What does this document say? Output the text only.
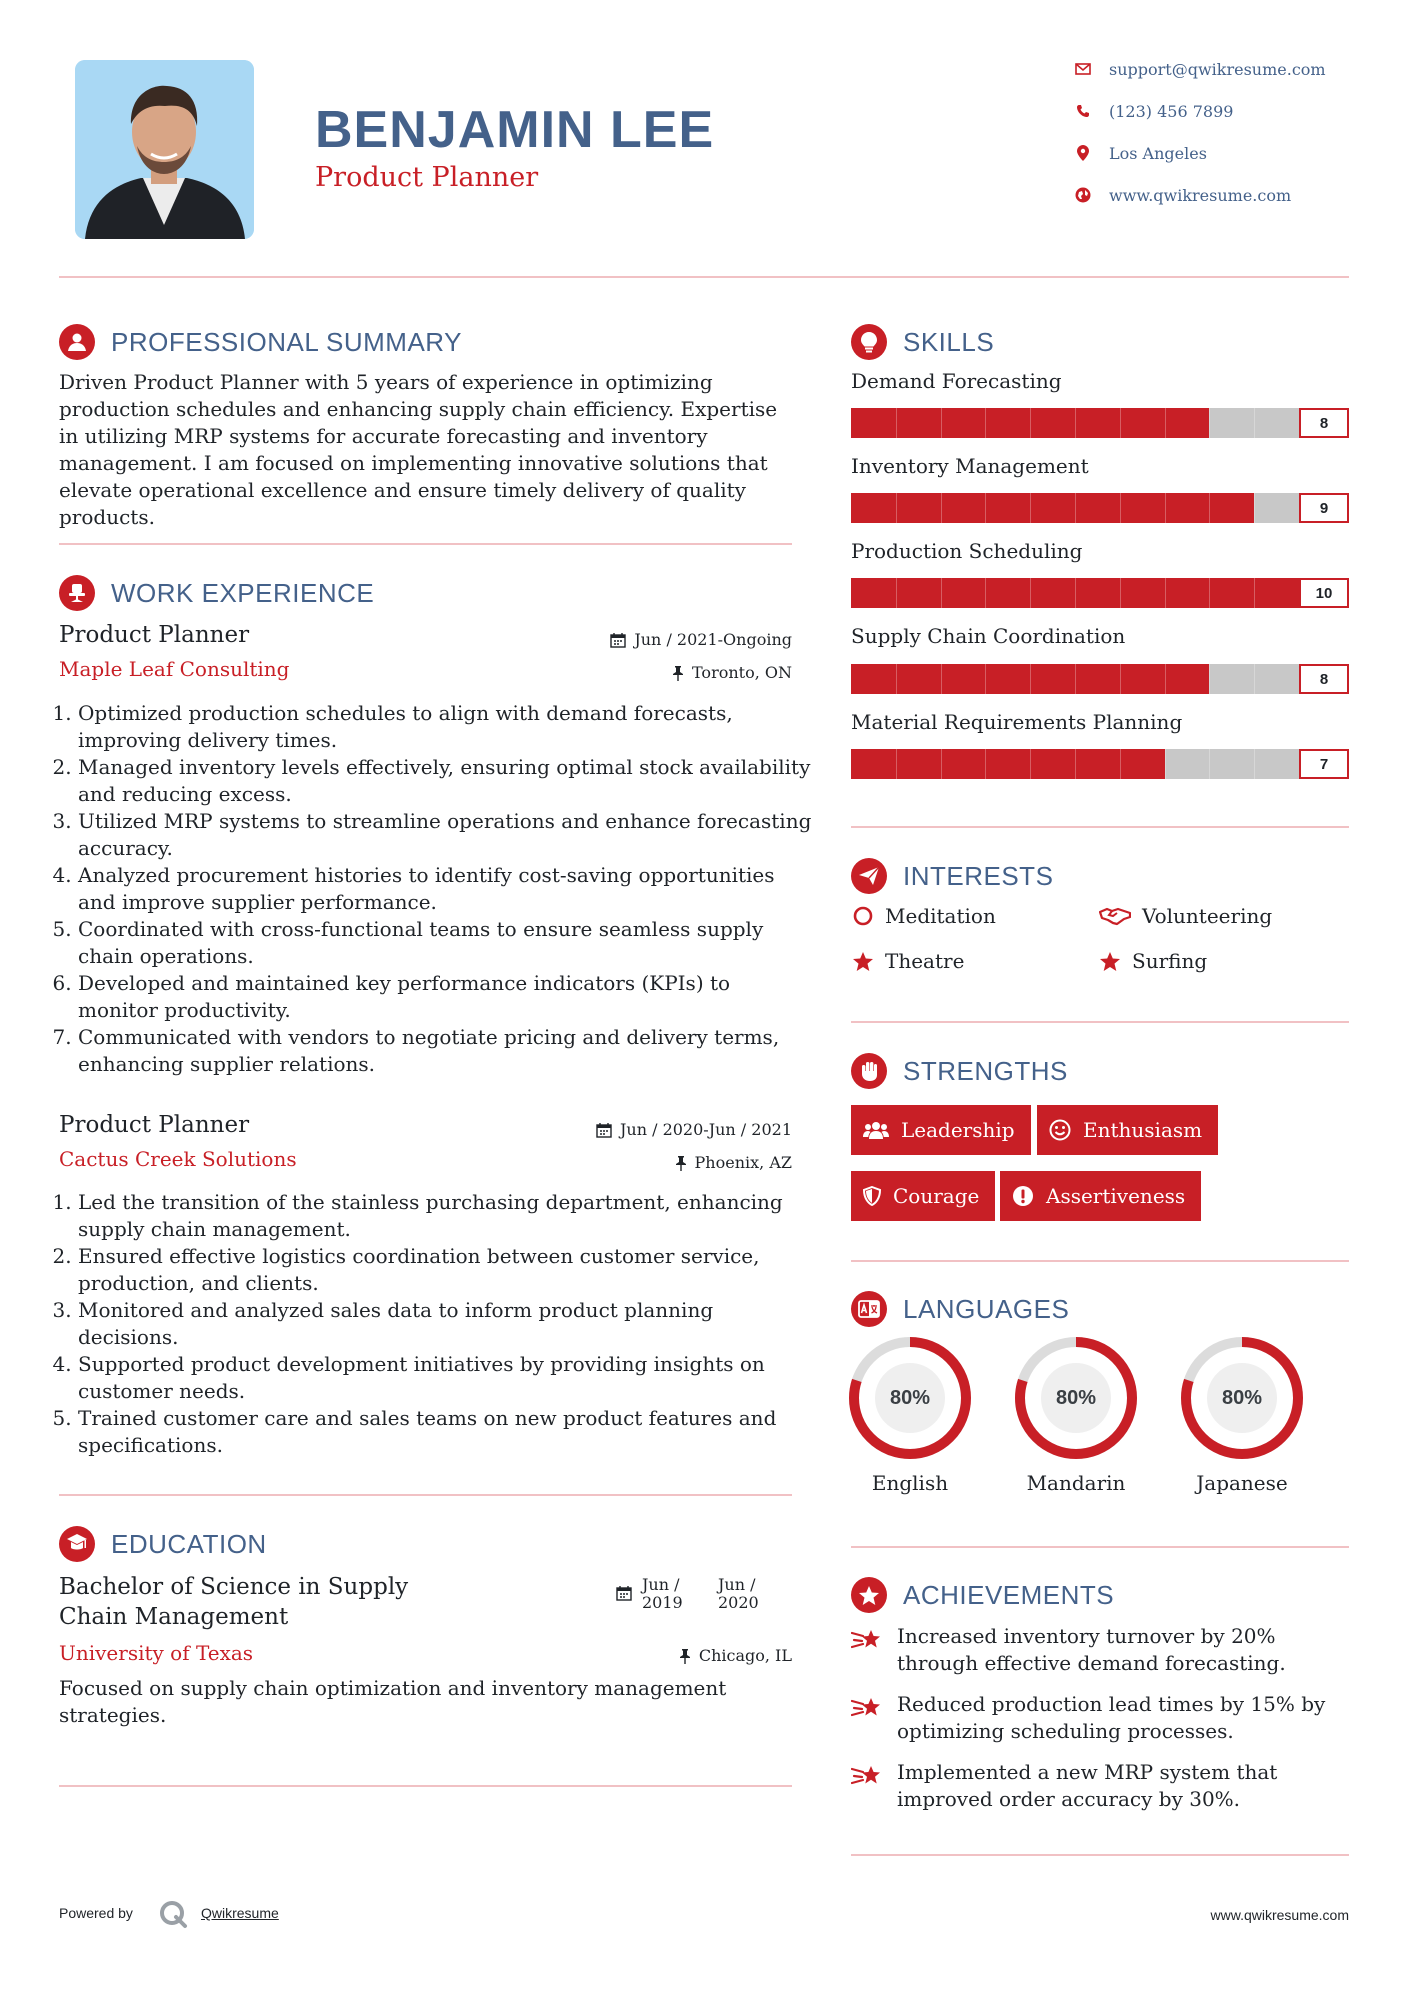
BENJAMIN LEE
Product Planner
support@qwikresume.com
(123) 456 7899
Los Angeles
www.qwikresume.com
PROFESSIONAL SUMMARY
Driven Product Planner with 5 years of experience in optimizing production schedules and enhancing supply chain efficiency. Expertise in utilizing MRP systems for accurate forecasting and inventory management. I am focused on implementing innovative solutions that elevate operational excellence and ensure timely delivery of quality products.
WORK EXPERIENCE
Product Planner	Jun / 2021-Ongoing
Maple Leaf Consulting	Toronto, ON
1. Optimized production schedules to align with demand forecasts, improving delivery times.
2. Managed inventory levels effectively, ensuring optimal stock availability and reducing excess.
3. Utilized MRP systems to streamline operations and enhance forecasting accuracy.
4. Analyzed procurement histories to identify cost-saving opportunities and improve supplier performance.
5. Coordinated with cross-functional teams to ensure seamless supply chain operations.
6. Developed and maintained key performance indicators (KPIs) to monitor productivity.
7. Communicated with vendors to negotiate pricing and delivery terms, enhancing supplier relations.
Product Planner	Jun / 2020-Jun / 2021
Cactus Creek Solutions	Phoenix, AZ
1. Led the transition of the stainless purchasing department, enhancing supply chain management.
2. Ensured effective logistics coordination between customer service, production, and clients.
3. Monitored and analyzed sales data to inform product planning decisions.
4. Supported product development initiatives by providing insights on customer needs.
5. Trained customer care and sales teams on new product features and specifications.
EDUCATION
Bachelor of Science in Supply Chain Management
Jun /
2019
Jun /
2020
University of Texas	Chicago, IL
Focused on supply chain optimization and inventory management strategies.
SKILLS
Demand Forecasting
8
Inventory Management
9
Production Scheduling
10
Supply Chain Coordination
8
Material Requirements Planning
7
INTERESTS
Meditation	Volunteering
Theatre	Surfing
STRENGTHS
Leadership	Enthusiasm
Courage	Assertiveness
LANGUAGES
80%
English
80%
Mandarin
80%
Japanese
ACHIEVEMENTS
Increased inventory turnover by 20% through effective demand forecasting.
Reduced production lead times by 15% by optimizing scheduling processes.
Implemented a new MRP system that improved order accuracy by 30%.
Powered by	Qwikresume	www.qwikresume.com
